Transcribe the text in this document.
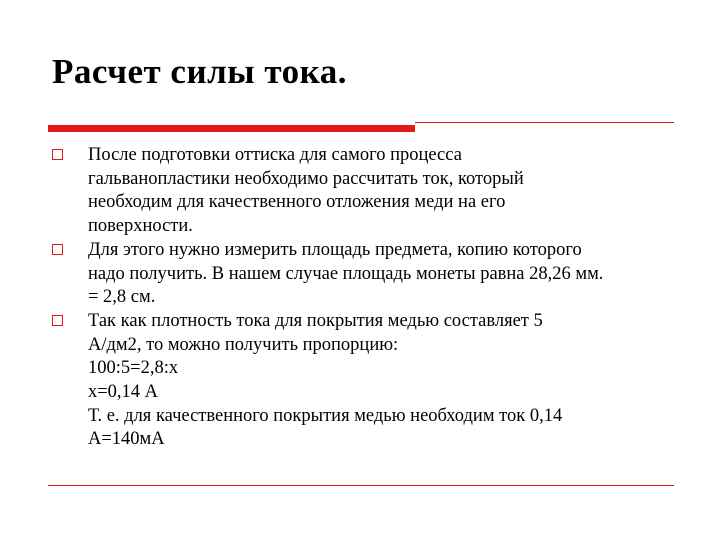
Расчет силы тока.
После подготовки оттиска для самого процесса
гальванопластики необходимо рассчитать ток, который
необходим для качественного отложения меди на его
поверхности.
Для этого нужно измерить площадь предмета, копию которого
надо получить. В нашем случае площадь монеты равна 28,26 мм.
= 2,8 см.
Так как плотность тока для покрытия медью составляет 5
А/дм2, то можно получить пропорцию:
100:5=2,8:x
x=0,14 А
Т. е. для качественного покрытия медью необходим ток 0,14
А=140мА
